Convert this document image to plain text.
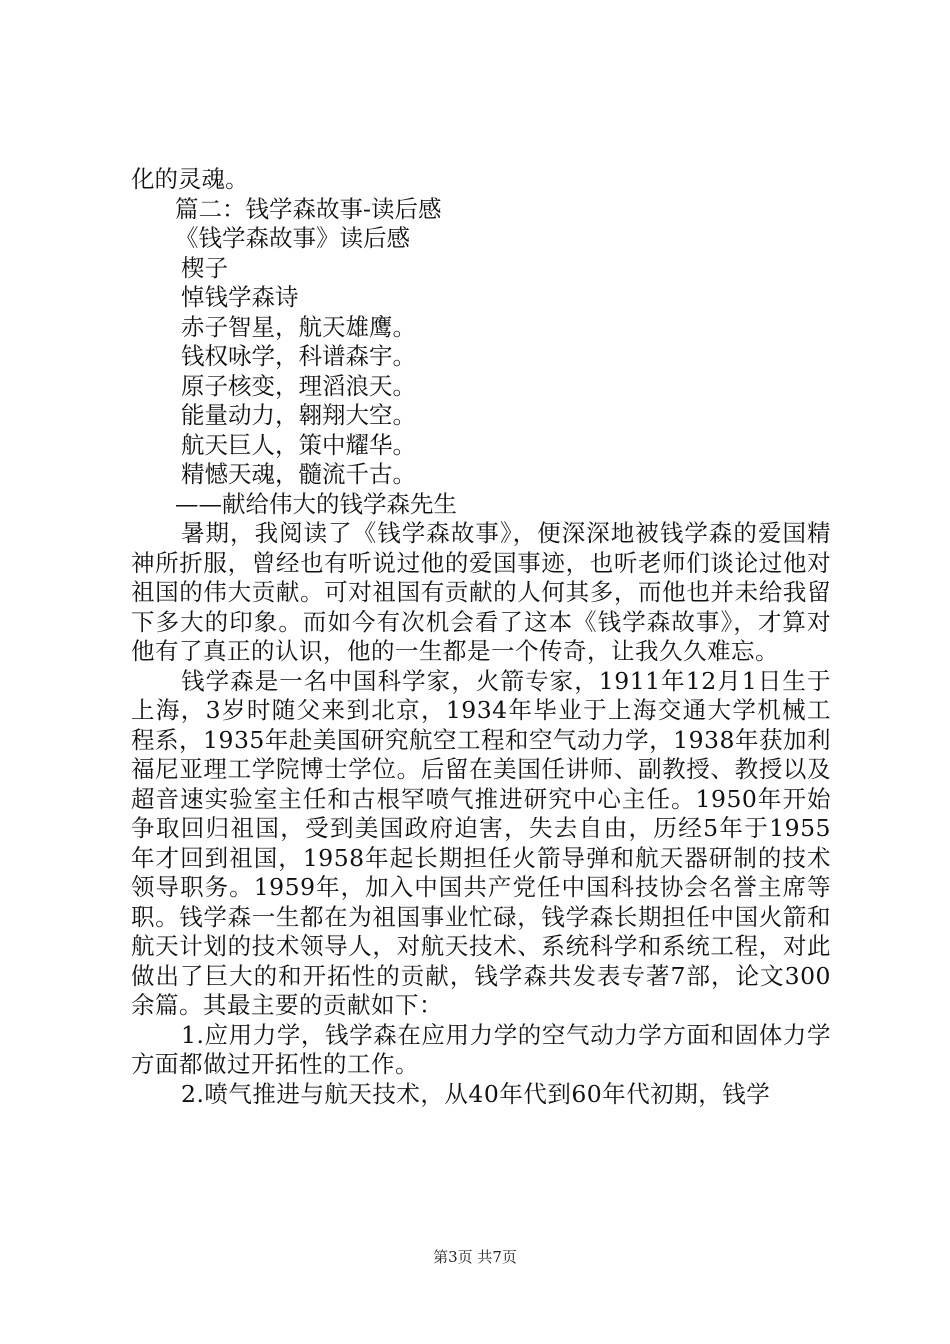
化的灵魂。
篇二：钱学森故事-读后感
《钱学森故事》读后感
楔子
悼钱学森诗
赤子智星，航天雄鹰。
钱权咏学，科谱森宇。
原子核变，理滔浪天。
能量动力，翱翔大空。
航天巨人，策中耀华。
精憾天魂，髓流千古。
——献给伟大的钱学森先生

暑期，我阅读了《钱学森故事》，便深深地被钱学森的爱国精神所折服，曾经也有听说过他的爱国事迹，也听老师们谈论过他对祖国的伟大贡献。可对祖国有贡献的人何其多，而他也并未给我留下多大的印象。而如今有次机会看了这本《钱学森故事》，才算对他有了真正的认识，他的一生都是一个传奇，让我久久难忘。

钱学森是一名中国科学家，火箭专家，1911年12月1日生于上海，3岁时随父来到北京，1934年毕业于上海交通大学机械工程系，1935年赴美国研究航空工程和空气动力学，1938年获加利福尼亚理工学院博士学位。后留在美国任讲师、副教授、教授以及超音速实验室主任和古根罕喷气推进研究中心主任。1950年开始争取回归祖国，受到美国政府迫害，失去自由，历经5年于1955年才回到祖国，1958年起长期担任火箭导弹和航天器研制的技术领导职务。1959年，加入中国共产党任中国科技协会名誉主席等职。钱学森一生都在为祖国事业忙碌，钱学森长期担任中国火箭和航天计划的技术领导人，对航天技术、系统科学和系统工程，对此做出了巨大的和开拓性的贡献，钱学森共发表专著7部，论文300余篇。其最主要的贡献如下：

1.应用力学，钱学森在应用力学的空气动力学方面和固体力学方面都做过开拓性的工作。

2.喷气推进与航天技术，从40年代到60年代初期，钱学

第3页 共7页
